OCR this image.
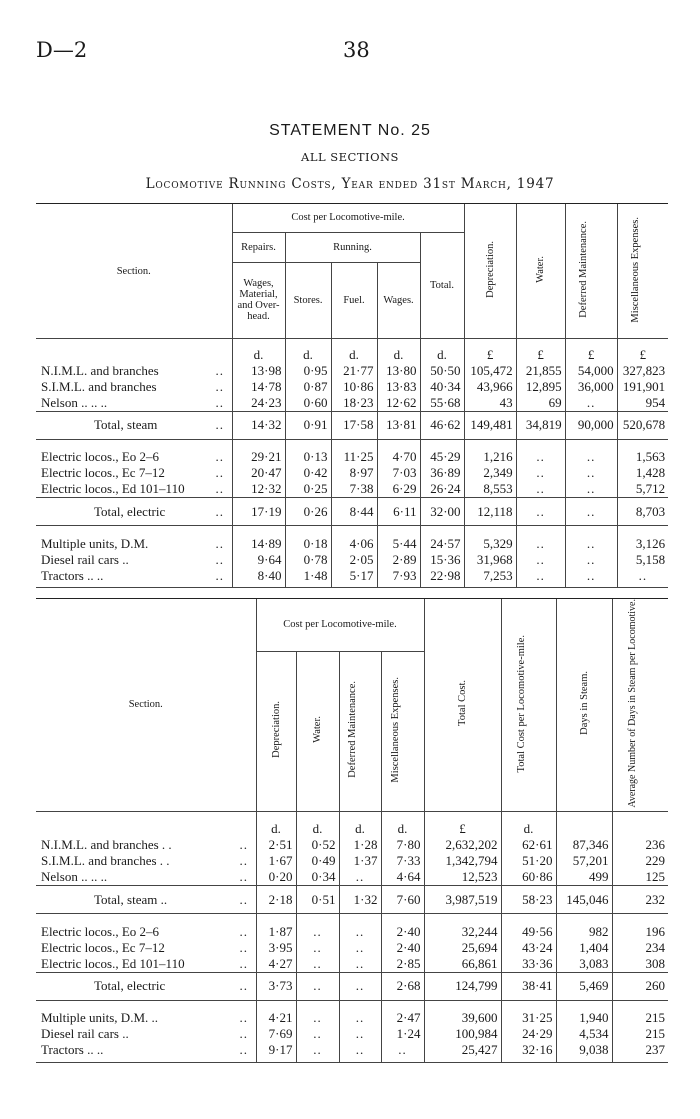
D—2	38
STATEMENT No. 25
ALL SECTIONS
Locomotive Running Costs, Year ended 31st March, 1947
Section.		Cost per Locomotive-mile.					Depreciation.	Water.	Deferred Maintenance.	Miscellaneous Expenses.
		Repairs.	Running.			Total.				
		Wages, Material, and Over-head.	Stores.	Fuel.	Wages.					

		d.	d.	d.	d.	d.	£	£	£	£
N.I.M.L. and branches	..	13·98	0·95	21·77	13·80	50·50	105,472	21,855	54,000	327,823
S.I.M.L. and branches	..	14·78	0·87	10·86	13·83	40·34	43,966	12,895	36,000	191,901
Nelson .. .. ..	..	24·23	0·60	18·23	12·62	55·68	43	69	..	954
Total, steam	..	14·32	0·91	17·58	13·81	46·62	149,481	34,819	90,000	520,678

Electric locos., Eo 2–6	..	29·21	0·13	11·25	4·70	45·29	1,216	..	..	1,563
Electric locos., Ec 7–12	..	20·47	0·42	8·97	7·03	36·89	2,349	..	..	1,428
Electric locos., Ed 101–110	..	12·32	0·25	7·38	6·29	26·24	8,553	..	..	5,712
Total, electric	..	17·19	0·26	8·44	6·11	32·00	12,118	..	..	8,703

Multiple units, D.M.	..	14·89	0·18	4·06	5·44	24·57	5,329	..	..	3,126
Diesel rail cars ..	..	9·64	0·78	2·05	2·89	15·36	31,968	..	..	5,158
Tractors .. ..	..	8·40	1·48	5·17	7·93	22·98	7,253	..	..	..

Section.		Cost per Locomotive-mile.				Total Cost.	Total Cost per Locomotive-mile.	Days in Steam.	Average Number of Days in Steam per Locomotive.
		Depreciation.	Water.	Deferred Maintenance.	Miscellaneous Expenses.				

		d.	d.	d.	d.	£	d.		
N.I.M.L. and branches . .	..	2·51	0·52	1·28	7·80	2,632,202	62·61	87,346	236
S.I.M.L. and branches . .	..	1·67	0·49	1·37	7·33	1,342,794	51·20	57,201	229
Nelson .. .. ..	..	0·20	0·34	..	4·64	12,523	60·86	499	125
Total, steam ..	..	2·18	0·51	1·32	7·60	3,987,519	58·23	145,046	232

Electric locos., Eo 2–6	..	1·87	..	..	2·40	32,244	49·56	982	196
Electric locos., Ec 7–12	..	3·95	..	..	2·40	25,694	43·24	1,404	234
Electric locos., Ed 101–110	..	4·27	..	..	2·85	66,861	33·36	3,083	308
Total, electric	..	3·73	..	..	2·68	124,799	38·41	5,469	260

Multiple units, D.M. ..	..	4·21	..	..	2·47	39,600	31·25	1,940	215
Diesel rail cars ..	..	7·69	..	..	1·24	100,984	24·29	4,534	215
Tractors .. ..	..	9·17	..	..	..	25,427	32·16	9,038	237
